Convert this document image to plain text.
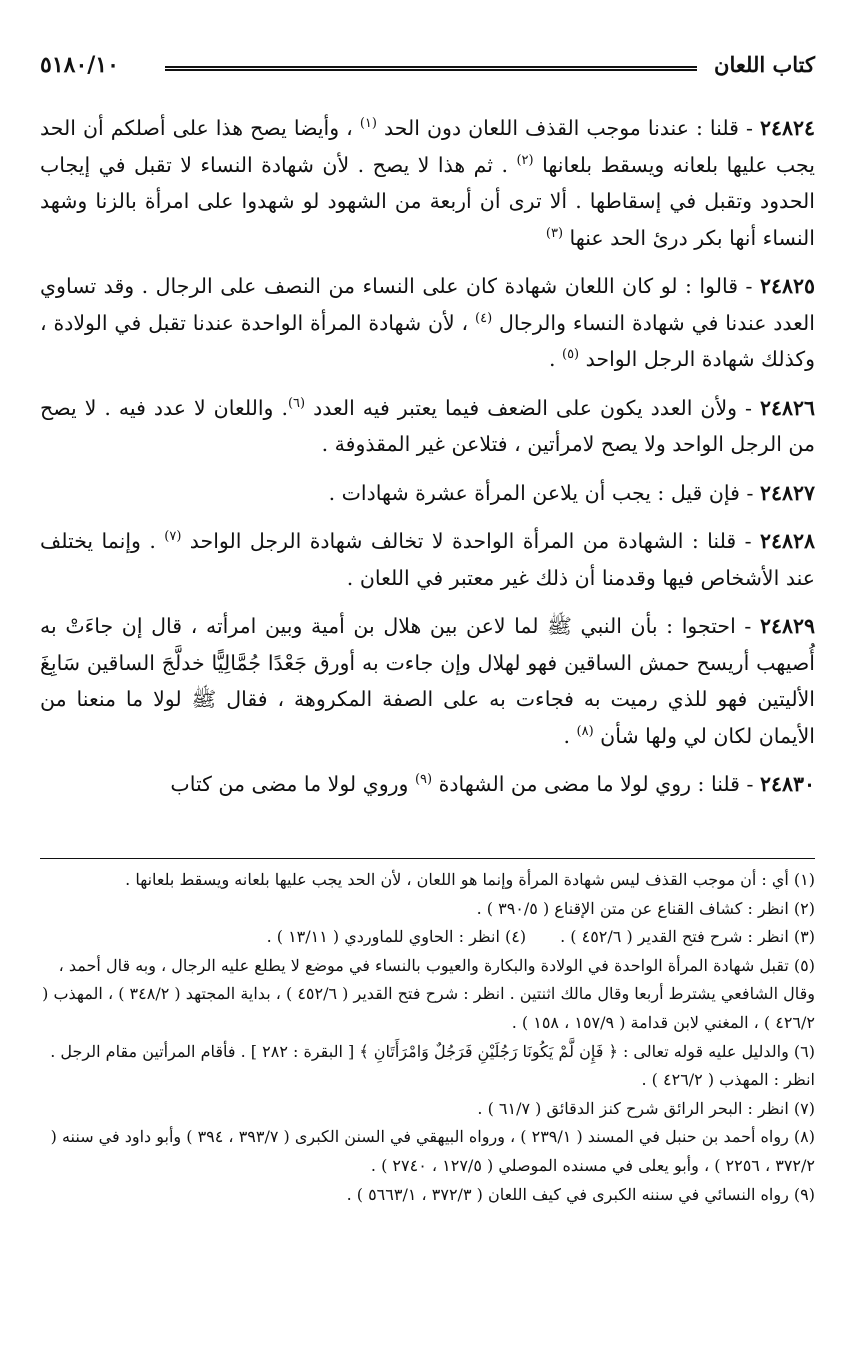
كتاب اللعان
٥١٨٠/١٠

٢٤٨٢٤ - قلنا : عندنا موجب القذف اللعان دون الحد $^{(١)}$ ، وأيضا يصح هذا على أصلكم أن الحد يجب عليها بلعانه ويسقط بلعانها $^{(٢)}$ . ثم هذا لا يصح . لأن شهادة النساء لا تقبل في إيجاب الحدود وتقبل في إسقاطها . ألا ترى أن أربعة من الشهود لو شهدوا على امرأة بالزنا وشهد النساء أنها بكر درئ الحد عنها $^{(٣)}$

٢٤٨٢٥ - قالوا : لو كان اللعان شهادة كان على النساء من النصف على الرجال . وقد تساوي العدد عندنا في شهادة النساء والرجال $^{(٤)}$ ، لأن شهادة المرأة الواحدة عندنا تقبل في الولادة ، وكذلك شهادة الرجل الواحد $^{(٥)}$ .

٢٤٨٢٦ - ولأن العدد يكون على الضعف فيما يعتبر فيه العدد $^{(٦)}$. واللعان لا عدد فيه . لا يصح من الرجل الواحد ولا يصح لامرأتين ، فتلاعن غير المقذوفة .

٢٤٨٢٧ - فإن قيل : يجب أن يلاعن المرأة عشرة شهادات .

٢٤٨٢٨ - قلنا : الشهادة من المرأة الواحدة لا تخالف شهادة الرجل الواحد $^{(٧)}$ . وإنما يختلف عند الأشخاص فيها وقدمنا أن ذلك غير معتبر في اللعان .

٢٤٨٢٩ - احتجوا : بأن النبي ﷺ لما لاعن بين هلال بن أمية وبين امرأته ، قال إن جاءَتْ به أُصيهب أريسح حمش الساقين فهو لهلال وإن جاءت به أورق جَعْدًا جُمَّالِيًّا خدلَّجَ الساقين سَابِغَ الأليتين فهو للذي رميت به فجاءت به على الصفة المكروهة ، فقال ﷺ لولا ما منعنا من الأيمان لكان لي ولها شأن $^{(٨)}$ .

٢٤٨٣٠ - قلنا : روي لولا ما مضى من الشهادة $^{(٩)}$ وروي لولا ما مضى من كتاب

(١) أي : أن موجب القذف ليس شهادة المرأة وإنما هو اللعان ، لأن الحد يجب عليها بلعانه ويسقط بلعانها .

(٢) انظر : كشاف القناع عن متن الإقناع ( ٣٩٠/٥ ) .

(٣) انظر : شرح فتح القدير ( ٤٥٢/٦ ) .
(٤) انظر : الحاوي للماوردي ( ١٣/١١ ) .

(٥) تقبل شهادة المرأة الواحدة في الولادة والبكارة والعيوب بالنساء في موضع لا يطلع عليه الرجال ، وبه قال أحمد ، وقال الشافعي يشترط أربعا وقال مالك اثنتين . انظر : شرح فتح القدير ( ٤٥٢/٦ ) ، بداية المجتهد ( ٣٤٨/٢ ) ، المهذب ( ٤٢٦/٢ ) ، المغني لابن قدامة ( ١٥٧/٩ ، ١٥٨ ) .

(٦) والدليل عليه قوله تعالى : ﴿ فَإِن لَّمْ يَكُونَا رَجُلَيْنِ فَرَجُلٌ وَامْرَأَتَانِ ﴾ [ البقرة : ٢٨٢ ] . فأقام المرأتين مقام الرجل . انظر : المهذب ( ٤٢٦/٢ ) .

(٧) انظر : البحر الرائق شرح كنز الدقائق ( ٦١/٧ ) .

(٨) رواه أحمد بن حنبل في المسند ( ٢٣٩/١ ) ، ورواه البيهقي في السنن الكبرى ( ٣٩٣/٧ ، ٣٩٤ ) وأبو داود في سننه ( ٣٧٢/٢ ، ٢٢٥٦ ) ، وأبو يعلى في مسنده الموصلي ( ١٢٧/٥ ، ٢٧٤٠ ) .

(٩) رواه النسائي في سننه الكبرى في كيف اللعان ( ٣٧٢/٣ ، ٥٦٦٣/١ ) .
